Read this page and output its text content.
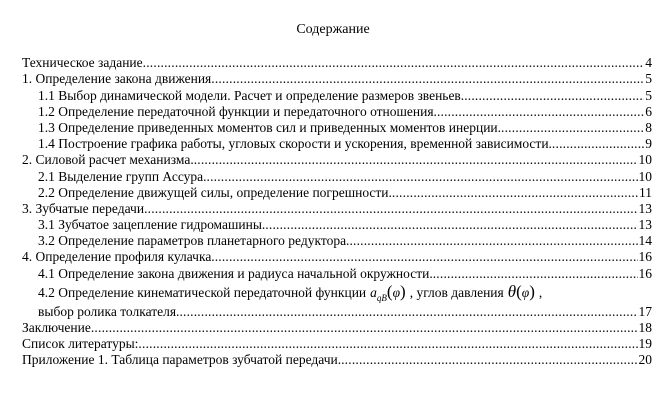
Содержание
Техническое задание .....	4
1. Определение закона движения .....	5
1.1 Выбор динамической модели. Расчет и определение размеров звеньев. .....	5
1.2 Определение передаточной функции и передаточного отношения. .....	6
1.3 Определение приведенных моментов сил и приведенных моментов инерции. .....	8
1.4 Построение графика работы, угловых скорости и ускорения, временной зависимости. .....	9
2. Силовой расчет механизма. .....	10
2.1 Выделение групп Ассура. .....	10
2.2 Определение движущей силы, определение погрешности. .....	11
3. Зубчатые передачи .....	13
3.1 Зубчатое зацепление гидромашины. .....	13
3.2 Определение параметров планетарного редуктора. .....	14
4. Определение профиля кулачка. .....	16
4.1 Определение закона движения и радиуса начальной окружности. .....	16
4.2 Определение кинематической передаточной функции a qB ( φ ) , углов давления θ ( φ ) ,
выбор ролика толкателя. .....	17
Заключение .....	18
Список литературы: .....	19
Приложение 1. Таблица параметров зубчатой передачи. .....	20
